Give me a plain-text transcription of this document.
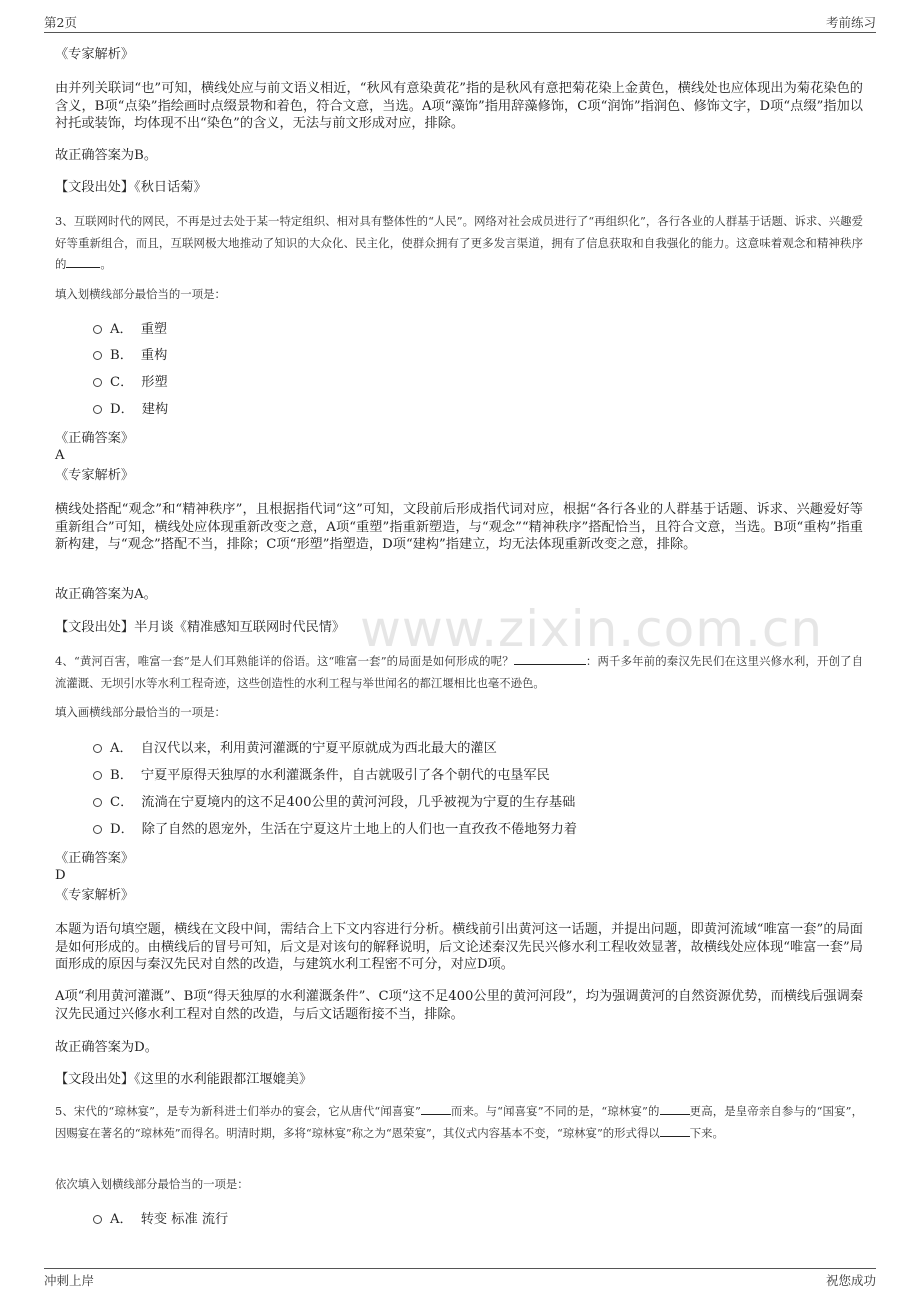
第2页	考前练习
www.zixin.com.cn

《专家解析》

由并列关联词“也”可知，横线处应与前文语义相近，“秋风有意染黄花”指的是秋风有意把菊花染上金黄色，横线处也应体现出为菊花染色的含义，B项“点染”指绘画时点缀景物和着色，符合文意，当选。A项“藻饰”指用辞藻修饰，C项“润饰”指润色、修饰文字，D项“点缀”指加以衬托或装饰，均体现不出“染色”的含义，无法与前文形成对应，排除。

故正确答案为B。

【文段出处】《秋日话菊》

3、互联网时代的网民，不再是过去处于某一特定组织、相对具有整体性的“人民”。网络对社会成员进行了“再组织化”，各行各业的人群基于话题、诉求、兴趣爱好等重新组合，而且，互联网极大地推动了知识的大众化、民主化，使群众拥有了更多发言渠道，拥有了信息获取和自我强化的能力。这意味着观念和精神秩序的	。

填入划横线部分最恰当的一项是：

A． 重塑
B． 重构
C． 形塑
D． 建构

《正确答案》

A

《专家解析》

横线处搭配“观念”和“精神秩序”，且根据指代词“这”可知，文段前后形成指代词对应，根据“各行各业的人群基于话题、诉求、兴趣爱好等重新组合”可知，横线处应体现重新改变之意，A项“重塑”指重新塑造，与“观念”“精神秩序”搭配恰当，且符合文意，当选。B项“重构”指重新构建，与“观念”搭配不当，排除；C项“形塑”指塑造，D项“建构”指建立，均无法体现重新改变之意，排除。

故正确答案为A。

【文段出处】半月谈《精准感知互联网时代民情》

4、“黄河百害，唯富一套”是人们耳熟能详的俗语。这“唯富一套”的局面是如何形成的呢？	：两千多年前的秦汉先民们在这里兴修水利，开创了自流灌溉、无坝引水等水利工程奇迹，这些创造性的水利工程与举世闻名的都江堰相比也毫不逊色。

填入画横线部分最恰当的一项是：

A． 自汉代以来，利用黄河灌溉的宁夏平原就成为西北最大的灌区
B． 宁夏平原得天独厚的水利灌溉条件，自古就吸引了各个朝代的屯垦军民
C． 流淌在宁夏境内的这不足400公里的黄河河段，几乎被视为宁夏的生存基础
D． 除了自然的恩宠外，生活在宁夏这片土地上的人们也一直孜孜不倦地努力着

《正确答案》

D

《专家解析》

本题为语句填空题，横线在文段中间，需结合上下文内容进行分析。横线前引出黄河这一话题，并提出问题，即黄河流域“唯富一套”的局面是如何形成的。由横线后的冒号可知，后文是对该句的解释说明，后文论述秦汉先民兴修水利工程收效显著，故横线处应体现“唯富一套”局面形成的原因与秦汉先民对自然的改造，与建筑水利工程密不可分，对应D项。

A项“利用黄河灌溉”、B项“得天独厚的水利灌溉条件”、C项“这不足400公里的黄河河段”，均为强调黄河的自然资源优势，而横线后强调秦汉先民通过兴修水利工程对自然的改造，与后文话题衔接不当，排除。

故正确答案为D。

【文段出处】《这里的水利能跟都江堰媲美》

5、宋代的“琼林宴”，是专为新科进士们举办的宴会，它从唐代“闻喜宴”	而来。与“闻喜宴”不同的是，“琼林宴”的	更高，是皇帝亲自参与的“国宴”，因赐宴在著名的“琼林苑”而得名。明清时期，多将“琼林宴”称之为“恩荣宴”，其仪式内容基本不变，“琼林宴”的形式得以	下来。

依次填入划横线部分最恰当的一项是：

A． 转变 标准 流行
冲刺上岸	祝您成功
